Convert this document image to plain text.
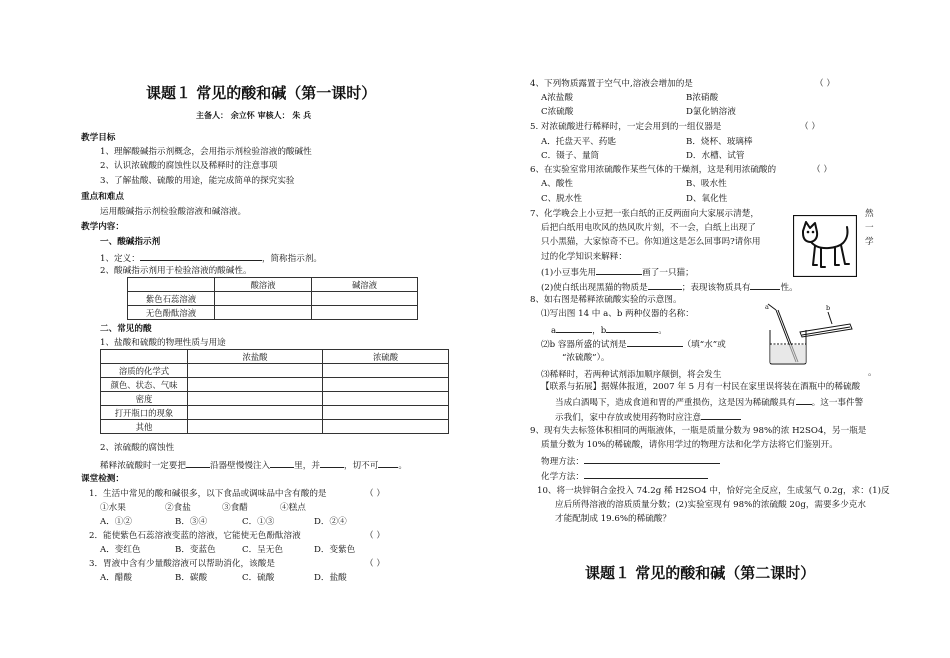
课题１ 常见的酸和碱（第一课时）
主备人： 余立怀 审核人： 朱 兵
教学目标
1、理解酸碱指示剂概念，会用指示剂检验溶液的酸碱性
2、认识浓硫酸的腐蚀性以及稀释时的注意事项
3、了解盐酸、硫酸的用途，能完成简单的探究实验
重点和难点
运用酸碱指示剂检验酸溶液和碱溶液。
教学内容：
一、酸碱指示剂
1、定义：	，简称指示剂。
2、酸碱指示剂用于检验溶液的酸碱性。
	酸溶液	碱溶液
紫色石蕊溶液		
无色酚酞溶液		
二、常见的酸
1、盐酸和硫酸的物理性质与用途
	浓盐酸	浓硫酸
溶质的化学式		
颜色、状态、气味		
密度		
打开瓶口的现象		
其他		
2、浓硫酸的腐蚀性
稀释浓硫酸时一定要把	沿器壁慢慢注入	里，并	，切不可 。
课堂检测：
1．生活中常见的酸和碱很多，以下食品或调味品中含有酸的是	（ ）
①水果	②食盐	③食醋	④糕点
A．①②	B．③④	C．①③	D．②④
2．能使紫色石蕊溶液变蓝的溶液，它能使无色酚酞溶液	（ ）
A．变红色	B．变蓝色	C．呈无色	D．变紫色
3．胃液中含有少量酸溶液可以帮助消化，该酸是	（ ）
A．醋酸	B．碳酸	C．硫酸	D．盐酸
4、下列物质露置于空气中,溶液会增加的是	（ ）
A浓盐酸	B浓硝酸
C浓硫酸	D氯化钠溶液
5. 对浓硫酸进行稀释时，一定会用到的一组仪器是	（ ）
A．托盘天平、药匙	B．烧杯、玻璃棒
C．镊子、量筒	D．水槽、试管
6、在实验室常用浓硫酸作某些气体的干燥剂，这是利用浓硫酸的	（ ）
A、酸性	B、吸水性
C、脱水性	D、氧化性
7、化学晚会上小豆把一张白纸的正反两面向大家展示清楚，
后把白纸用电吹风的热风吹片刻，不一会，白纸上出现了
只小黑猫，大家惊奇不已。你知道这是怎么回事吗?请你用
过的化学知识来解释：
然
一
学
(1)小豆事先用	画了一只猫；
(2)使白纸出现黑猫的物质是	；表现该物质具有	性。
8、如右图是稀释浓硫酸实验的示意图。
⑴写出图 14 中 a、b 两种仪器的名称：
a	，b	。
⑵b 容器所盛的试剂是	（填“水”或
“浓硫酸”）。
⑶稀释时，若两种试剂添加顺序颠倒，将会发生	。
a	b
【联系与拓展】据媒体报道，2007 年 5 月有一村民在家里误将装在酒瓶中的稀硫酸
当成白酒喝下，造成食道和胃的严重损伤，这是因为稀硫酸具有 。这一事件警
示我们，家中存放或使用药物时应注意
9、现有失去标签体积相同的两瓶液体，一瓶是质量分数为 98%的浓 H2SO4，另一瓶是
质量分数为 10%的稀硫酸，请你用学过的物理方法和化学方法将它们鉴别开。
物理方法：
化学方法：
10、将一块锌铜合金投入 74.2g 稀 H2SO4 中，恰好完全反应，生成氢气 0.2g，求：(1)反
应后所得溶液的溶质质量分数；(2)实验室现有 98%的浓硫酸 20g，需要多少克水
才能配制成 19.6%的稀硫酸？
课题１ 常见的酸和碱（第二课时）
